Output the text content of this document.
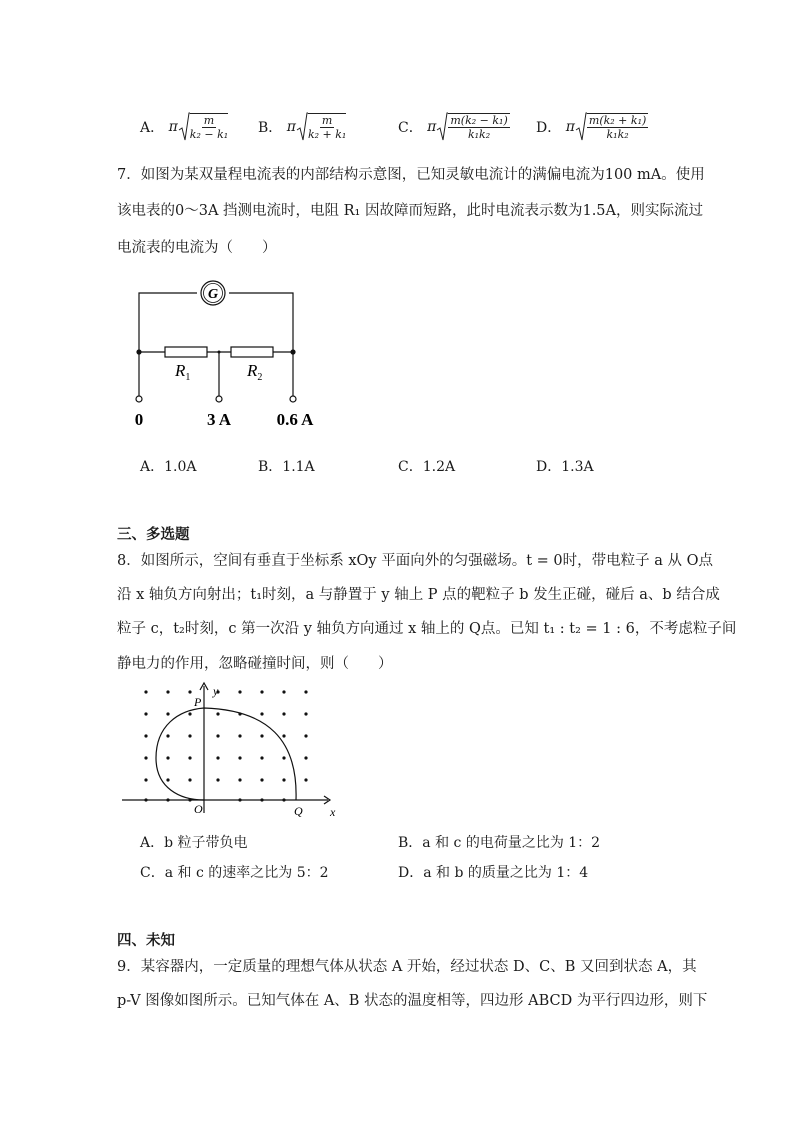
A．
π $\frac{m}{\text{k₂ − k₁}}$ B．
π $\frac{m}{\text{k₂ + k₁}}$	C．
π $\frac{\text{m(k₂ − k₁)}}{\text{k₁k₂}}$ D．
π $\frac{\text{m(k₂ + k₁)}}{\text{k₁k₂}}$
7．如图为某双量程电流表的内部结构示意图，已知灵敏电流计的满偏电流为100 mA。使用
该电表的0～3A 挡测电流时，电阻 R₁ 因故障而短路，此时电流表示数为1.5A，则实际流过
电流表的电流为（　　）
G
$R_1$	$R_2$
0	3 A	0.6 A
A．1.0A	B．1.1A	C．1.2A	D．1.3A
三、多选题
8．如图所示，空间有垂直于坐标系 xOy 平面向外的匀强磁场。t = 0时，带电粒子 a 从 O点
沿 x 轴负方向射出；t₁时刻，a 与静置于 y 轴上 P 点的靶粒子 b 发生正碰，碰后 a、b 结合成
粒子 c，t₂时刻，c 第一次沿 y 轴负方向通过 x 轴上的 Q点。已知 t₁ : t₂ = 1 : 6，不考虑粒子间
静电力的作用，忽略碰撞时间，则（　　）
y
x
O
P
Q
A．b 粒子带负电	B．a 和 c 的电荷量之比为 1：2
C．a 和 c 的速率之比为 5：2	D．a 和 b 的质量之比为 1：4
四、未知
9．某容器内，一定质量的理想气体从状态 A 开始，经过状态 D、C、B 又回到状态 A，其
p-V 图像如图所示。已知气体在 A、B 状态的温度相等，四边形 ABCD 为平行四边形，则下
